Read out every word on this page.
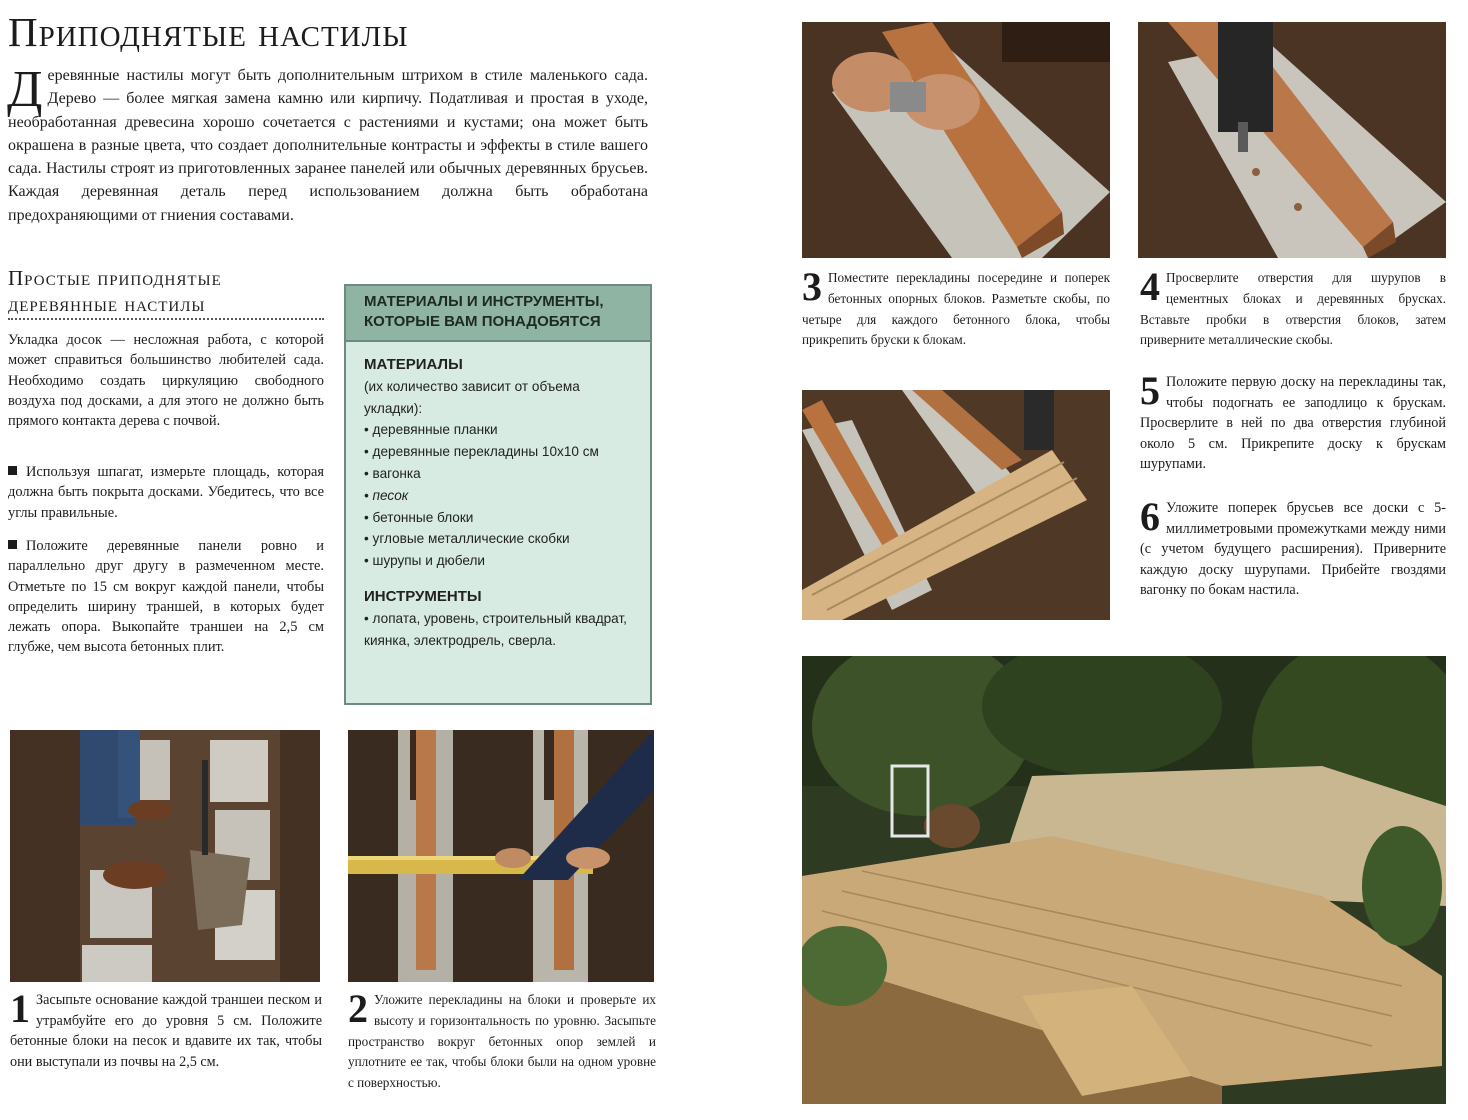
Приподнятые настилы

Деревянные настилы могут быть дополнительным штрихом в стиле маленького сада. Дерево — более мягкая замена камню или кирпичу. Податливая и простая в уходе, необработанная древесина хорошо сочетается с растениями и кустами; она может быть окрашена в разные цвета, что создает дополнительные контрасты и эффекты в стиле вашего сада. Настилы строят из приготовленных заранее панелей или обычных деревянных брусьев. Каждая деревянная деталь перед использованием должна быть обработана предохраняющими от гниения составами.

Простые приподнятые деревянные настилы

Укладка досок — несложная работа, с которой может справиться большинство любителей сада. Необходимо создать циркуляцию свободного воздуха под досками, а для этого не должно быть прямого контакта дерева с почвой.

Используя шпагат, измерьте площадь, которая должна быть покрыта досками. Убедитесь, что все углы правильные.

Положите деревянные панели ровно и параллельно друг другу в размеченном месте. Отметьте по 15 см вокруг каждой панели, чтобы определить ширину траншей, в которых будет лежать опора. Выкопайте траншеи на 2,5 см глубже, чем высота бетонных плит.

МАТЕРИАЛЫ И ИНСТРУМЕНТЫ, КОТОРЫЕ ВАМ ПОНАДОБЯТСЯ
МАТЕРИАЛЫ
(их количество зависит от объема укладки):
• деревянные планки
• деревянные перекладины 10x10 см
• вагонка
• песок
• бетонные блоки
• угловые металлические скобки
• шурупы и дюбели
ИНСТРУМЕНТЫ
• лопата, уровень, строительный квадрат, киянка, электродрель, сверла.

1 Засыпьте основание каждой траншеи песком и утрамбуйте его до уровня 5 см. Положите бетонные блоки на песок и вдавите их так, чтобы они выступали из почвы на 2,5 см.

2 Уложите перекладины на блоки и проверьте их высоту и горизонтальность по уровню. Засыпьте пространство вокруг бетонных опор землей и уплотните ее так, чтобы блоки были на одном уровне с поверхностью.

3 Поместите перекладины посередине и поперек бетонных опорных блоков. Разметьте скобы, по четыре для каждого бетонного блока, чтобы прикрепить бруски к блокам.

4 Просверлите отверстия для шурупов в цементных блоках и деревянных брусках. Вставьте пробки в отверстия блоков, затем приверните металлические скобы.

5 Положите первую доску на перекладины так, чтобы подогнать ее заподлицо к брускам. Просверлите в ней по два отверстия глубиной около 5 см. Прикрепите доску к брускам шурупами.

6 Уложите поперек брусьев все доски с 5-миллиметровыми промежутками между ними (с учетом будущего расширения). Приверните каждую доску шурупами. Прибейте гвоздями вагонку по бокам настила.
